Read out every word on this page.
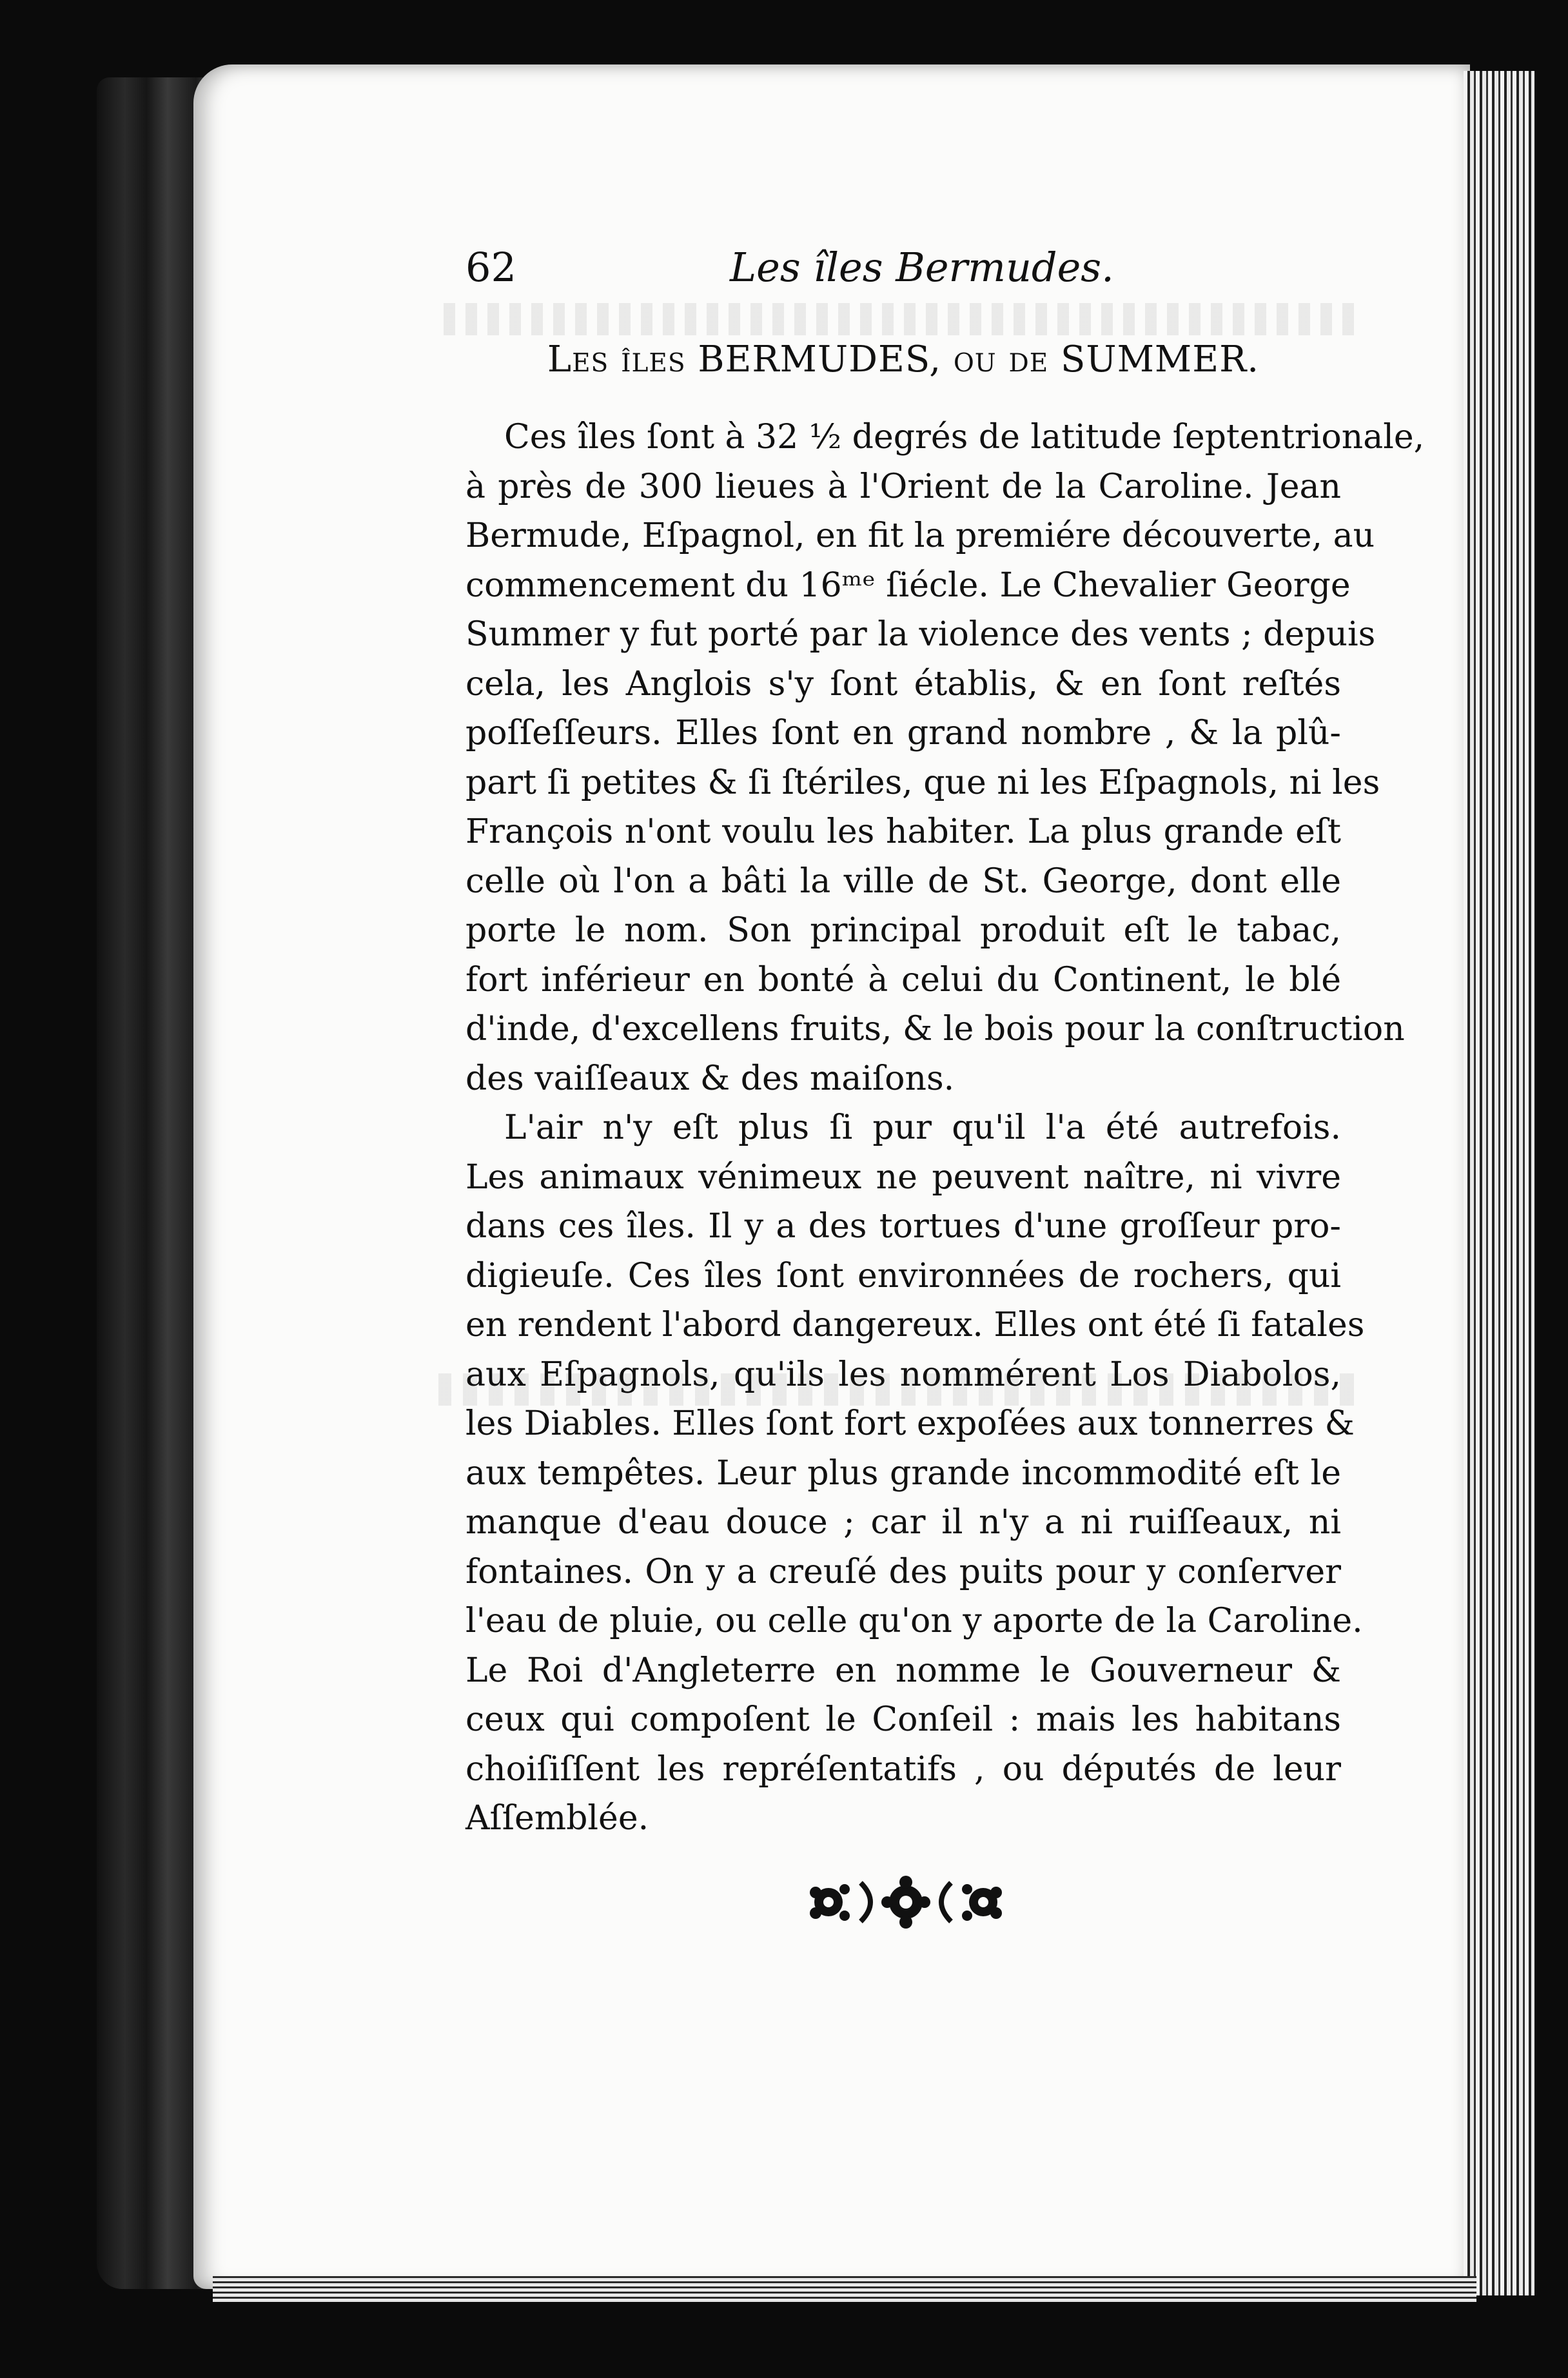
62	Les îles Bermudes.
Les îles BERMUDES, ou de SUMMER.
Ces îles ſont à 32 ½ degrés de latitude ſeptentrionale,
à près de 300 lieues à l'Orient de la Caroline. Jean
Bermude, Eſpagnol, en fit la premiére découverte, au
commencement du 16ᵐᵉ ſiécle. Le Chevalier George
Summer y fut porté par la violence des vents ; depuis
cela, les Anglois s'y ſont établis, & en ſont reſtés
poſſeſſeurs. Elles ſont en grand nombre , & la plû-
part ſi petites & ſi ſtériles, que ni les Eſpagnols, ni les
François n'ont voulu les habiter. La plus grande eſt
celle où l'on a bâti la ville de St. George, dont elle
porte le nom. Son principal produit eſt le tabac,
fort inférieur en bonté à celui du Continent, le blé
d'inde, d'excellens fruits, & le bois pour la conſtruction
des vaiſſeaux & des maiſons.
L'air n'y eſt plus ſi pur qu'il l'a été autrefois.
Les animaux vénimeux ne peuvent naître, ni vivre
dans ces îles. Il y a des tortues d'une groſſeur pro-
digieuſe. Ces îles ſont environnées de rochers, qui
en rendent l'abord dangereux. Elles ont été ſi fatales
aux Eſpagnols, qu'ils les nommérent Los Diabolos,
les Diables. Elles ſont fort expoſées aux tonnerres &
aux tempêtes. Leur plus grande incommodité eſt le
manque d'eau douce ; car il n'y a ni ruiſſeaux, ni
fontaines. On y a creuſé des puits pour y conſerver
l'eau de pluie, ou celle qu'on y aporte de la Caroline.
Le Roi d'Angleterre en nomme le Gouverneur &
ceux qui compoſent le Conſeil : mais les habitans
choiſiſſent les repréſentatifs , ou députés de leur
Aſſemblée.
